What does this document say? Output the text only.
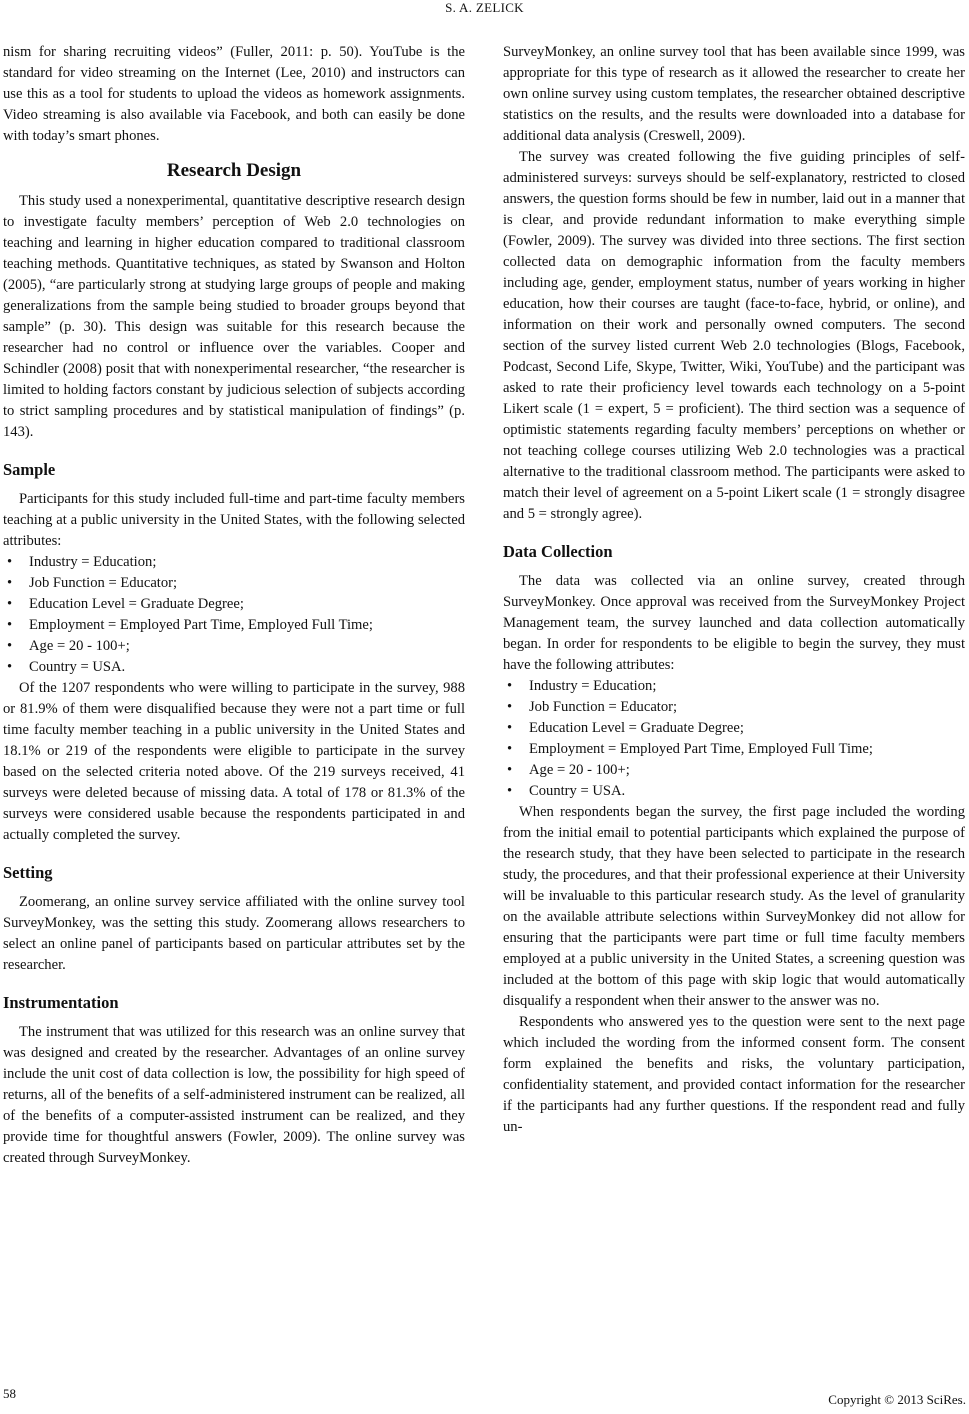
S. A. ZELICK

nism for sharing recruiting videos” (Fuller, 2011: p. 50). YouTube is the standard for video streaming on the Internet (Lee, 2010) and instructors can use this as a tool for students to upload the videos as homework assignments. Video streaming is also available via Facebook, and both can easily be done with today’s smart phones.

Research Design

This study used a nonexperimental, quantitative descriptive research design to investigate faculty members’ perception of Web 2.0 technologies on teaching and learning in higher education compared to traditional classroom teaching methods. Quantitative techniques, as stated by Swanson and Holton (2005), “are particularly strong at studying large groups of people and making generalizations from the sample being studied to broader groups beyond that sample” (p. 30). This design was suitable for this research because the researcher had no control or influence over the variables. Cooper and Schindler (2008) posit that with nonexperimental researcher, “the researcher is limited to holding factors constant by judicious selection of subjects according to strict sampling procedures and by statistical manipulation of findings” (p. 143).

Sample

Participants for this study included full-time and part-time faculty members teaching at a public university in the United States, with the following selected attributes:

• Industry = Education;
• Job Function = Educator;
• Education Level = Graduate Degree;
• Employment = Employed Part Time, Employed Full Time;
• Age = 20 - 100+;
• Country = USA.

Of the 1207 respondents who were willing to participate in the survey, 988 or 81.9% of them were disqualified because they were not a part time or full time faculty member teaching in a public university in the United States and 18.1% or 219 of the respondents were eligible to participate in the survey based on the selected criteria noted above. Of the 219 surveys received, 41 surveys were deleted because of missing data. A total of 178 or 81.3% of the surveys were considered usable because the respondents participated in and actually completed the survey.

Setting

Zoomerang, an online survey service affiliated with the online survey tool SurveyMonkey, was the setting this study. Zoomerang allows researchers to select an online panel of participants based on particular attributes set by the researcher.

Instrumentation

The instrument that was utilized for this research was an online survey that was designed and created by the researcher. Advantages of an online survey include the unit cost of data collection is low, the possibility for high speed of returns, all of the benefits of a self-administered instrument can be realized, all of the benefits of a computer-assisted instrument can be realized, and they provide time for thoughtful answers (Fowler, 2009). The online survey was created through SurveyMonkey.

SurveyMonkey, an online survey tool that has been available since 1999, was appropriate for this type of research as it allowed the researcher to create her own online survey using custom templates, the researcher obtained descriptive statistics on the results, and the results were downloaded into a database for additional data analysis (Creswell, 2009).

The survey was created following the five guiding principles of self-administered surveys: surveys should be self-explanatory, restricted to closed answers, the question forms should be few in number, laid out in a manner that is clear, and provide redundant information to make everything simple (Fowler, 2009). The survey was divided into three sections. The first section collected data on demographic information from the faculty members including age, gender, employment status, number of years working in higher education, how their courses are taught (face-to-face, hybrid, or online), and information on their work and personally owned computers. The second section of the survey listed current Web 2.0 technologies (Blogs, Facebook, Podcast, Second Life, Skype, Twitter, Wiki, YouTube) and the participant was asked to rate their proficiency level towards each technology on a 5-point Likert scale (1 = expert, 5 = proficient). The third section was a sequence of optimistic statements regarding faculty members’ perceptions on whether or not teaching college courses utilizing Web 2.0 technologies was a practical alternative to the traditional classroom method. The participants were asked to match their level of agreement on a 5-point Likert scale (1 = strongly disagree and 5 = strongly agree).

Data Collection

The data was collected via an online survey, created through SurveyMonkey. Once approval was received from the SurveyMonkey Project Management team, the survey launched and data collection automatically began. In order for respondents to be eligible to begin the survey, they must have the following attributes:

• Industry = Education;
• Job Function = Educator;
• Education Level = Graduate Degree;
• Employment = Employed Part Time, Employed Full Time;
• Age = 20 - 100+;
• Country = USA.

When respondents began the survey, the first page included the wording from the initial email to potential participants which explained the purpose of the research study, that they have been selected to participate in the research study, the procedures, and that their professional experience at their University will be invaluable to this particular research study. As the level of granularity on the available attribute selections within SurveyMonkey did not allow for ensuring that the participants were part time or full time faculty members employed at a public university in the United States, a screening question was included at the bottom of this page with skip logic that would automatically disqualify a respondent when their answer to the answer was no.

Respondents who answered yes to the question were sent to the next page which included the wording from the informed consent form. The consent form explained the benefits and risks, the voluntary participation, confidentiality statement, and provided contact information for the researcher if the participants had any further questions. If the respondent read and fully un-

58	Copyright © 2013 SciRes.
